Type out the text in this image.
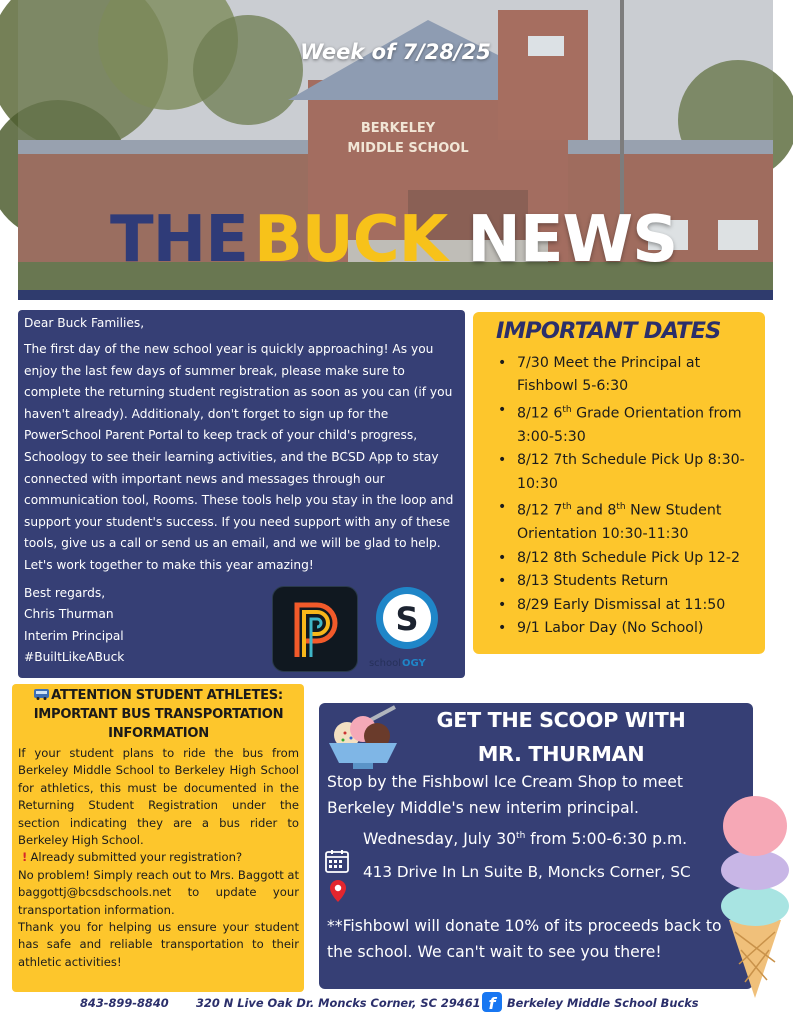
BERKELEY
MIDDLE SCHOOL
Week of 7/28/25
THEBUCK NEWS

Dear Buck Families,

The first day of the new school year is quickly approaching! As you enjoy the last few days of summer break, please make sure to complete the returning student registration as soon as you can (if you haven't already). Additionaly, don't forget to sign up for the PowerSchool Parent Portal to keep track of your child's progress, Schoology to see their learning activities, and the BCSD App to stay connected with important news and messages through our communication tool, Rooms. These tools help you stay in the loop and support your student's success. If you need support with any of these tools, give us a call or send us an email, and we will be glad to help. Let's work together to make this year amazing!

Best regards,
Chris Thurman
Interim Principal
#BuiltLikeABuck
S
school OGY
IMPORTANT DATES
• 7/30 Meet the Principal at Fishbowl 5-6:30
• 8/12 6th Grade Orientation from 3:00-5:30
• 8/12 7th Schedule Pick Up 8:30-10:30
• 8/12 7th and 8th New Student Orientation 10:30-11:30
• 8/12 8th Schedule Pick Up 12-2
• 8/13 Students Return
• 8/29 Early Dismissal at 11:50
• 9/1 Labor Day (No School)
ATTENTION STUDENT ATHLETES:
IMPORTANT BUS TRANSPORTATION
INFORMATION
If your student plans to ride the bus from Berkeley Middle School to Berkeley High School for athletics, this must be documented in the Returning Student Registration under the section indicating they are a bus rider to Berkeley High School.
! Already submitted your registration?
No problem! Simply reach out to Mrs. Baggott at baggottj@bcsdschools.net to update your transportation information.
Thank you for helping us ensure your student has safe and reliable transportation to their athletic activities!
GET THE SCOOP WITH
MR. THURMAN
Stop by the Fishbowl Ice Cream Shop to meet Berkeley Middle's new interim principal.
Wednesday, July 30th from 5:00-6:30 p.m.
413 Drive In Ln Suite B, Moncks Corner, SC
**Fishbowl will donate 10% of its proceeds back to the school. We can't wait to see you there!
843-899-8840 320 N Live Oak Dr. Moncks Corner, SC 29461 f Berkeley Middle School Bucks
